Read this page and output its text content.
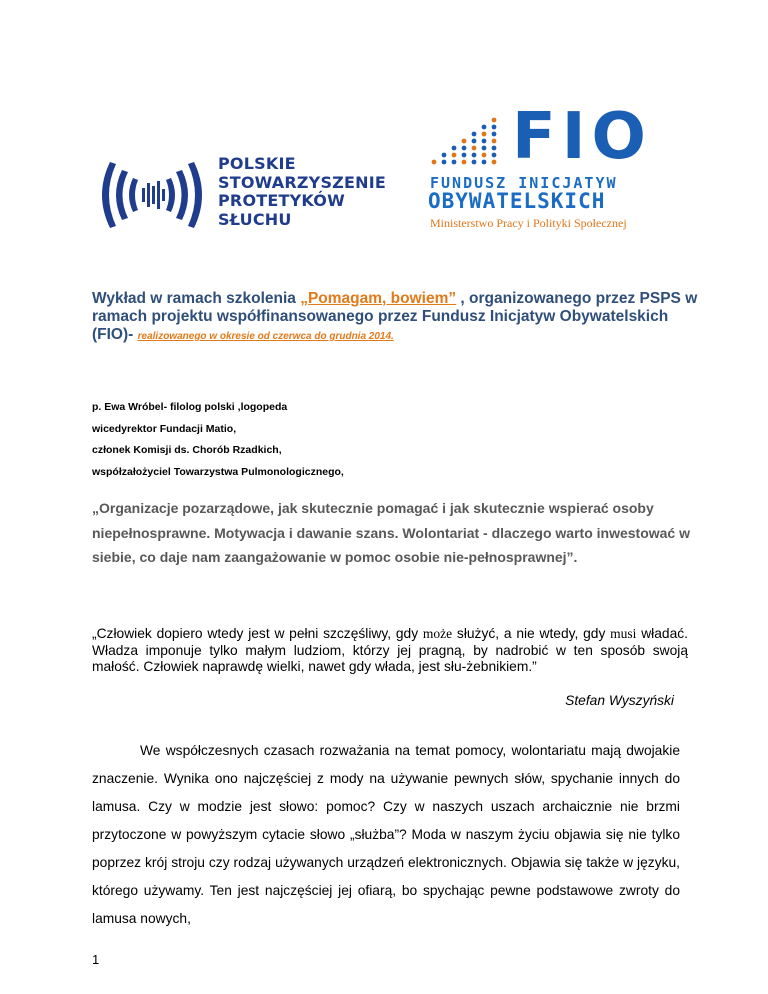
POLSKIE
STOWARZYSZENIE
PROTETYKÓW
SŁUCHU
FIO
FUNDUSZ INICJATYW
OBYWATELSKICH
Ministerstwo Pracy i Polityki Społecznej
Wykład w ramach szkolenia „Pomagam, bowiem” , organizowanego przez PSPS w ramach projektu współfinansowanego przez Fundusz Inicjatyw Obywatelskich (FIO)- realizowanego w okresie od czerwca do grudnia 2014.
p. Ewa Wróbel- filolog polski ,logopeda
wicedyrektor Fundacji Matio,
członek Komisji ds. Chorób Rzadkich,
współzałożyciel Towarzystwa Pulmonologicznego,
„Organizacje pozarządowe, jak skutecznie pomagać i jak skutecznie wspierać osoby niepełnosprawne. Motywacja i dawanie szans. Wolontariat - dlaczego warto inwestować w siebie, co daje nam zaangażowanie w pomoc osobie nie-pełnosprawnej”.
„Człowiek dopiero wtedy jest w pełni szczęśliwy, gdy może służyć, a nie wtedy, gdy musi władać. Władza imponuje tylko małym ludziom, którzy jej pragną, by nadrobić w ten sposób swoją małość. Człowiek naprawdę wielki, nawet gdy włada, jest słu-żebnikiem.”
Stefan Wyszyński
We współczesnych czasach rozważania na temat pomocy, wolontariatu mają dwojakie znaczenie. Wynika ono najczęściej z mody na używanie pewnych słów, spychanie innych do lamusa. Czy w modzie jest słowo: pomoc? Czy w naszych uszach archaicznie nie brzmi przytoczone w powyższym cytacie słowo „służba”? Moda w naszym życiu objawia się nie tylko poprzez krój stroju czy rodzaj używanych urządzeń elektronicznych. Objawia się także w języku, którego używamy. Ten jest najczęściej jej ofiarą, bo spychając pewne podstawowe zwroty do lamusa nowych,
1
